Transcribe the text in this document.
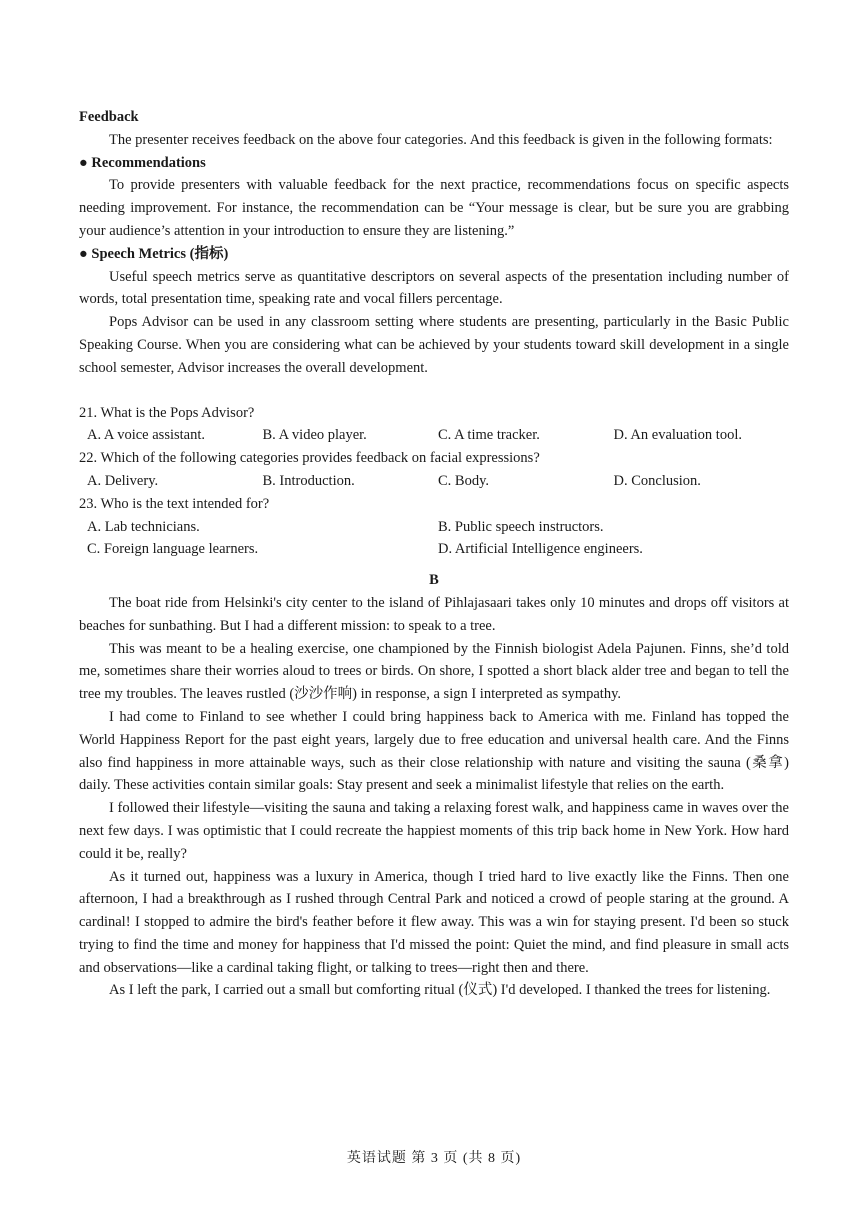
Feedback

The presenter receives feedback on the above four categories. And this feedback is given in the following formats:

● Recommendations

To provide presenters with valuable feedback for the next practice, recommendations focus on specific aspects needing improvement. For instance, the recommendation can be “Your message is clear, but be sure you are grabbing your audience’s attention in your introduction to ensure they are listening.”

● Speech Metrics (指标)

Useful speech metrics serve as quantitative descriptors on several aspects of the presentation including number of words, total presentation time, speaking rate and vocal fillers percentage.

Pops Advisor can be used in any classroom setting where students are presenting, particularly in the Basic Public Speaking Course. When you are considering what can be achieved by your students toward skill development in a single school semester, Advisor increases the overall development.

21. What is the Pops Advisor?

A. A voice assistant.	B. A video player.	C. A time tracker.	D. An evaluation tool.

22. Which of the following categories provides feedback on facial expressions?

A. Delivery.	B. Introduction.	C. Body.	D. Conclusion.

23. Who is the text intended for?

A. Lab technicians.	B. Public speech instructors.
C. Foreign language learners.	D. Artificial Intelligence engineers.

B

The boat ride from Helsinki's city center to the island of Pihlajasaari takes only 10 minutes and drops off visitors at beaches for sunbathing. But I had a different mission: to speak to a tree.

This was meant to be a healing exercise, one championed by the Finnish biologist Adela Pajunen. Finns, she’d told me, sometimes share their worries aloud to trees or birds. On shore, I spotted a short black alder tree and began to tell the tree my troubles. The leaves rustled (沙沙作响) in response, a sign I interpreted as sympathy.

I had come to Finland to see whether I could bring happiness back to America with me. Finland has topped the World Happiness Report for the past eight years, largely due to free education and universal health care. And the Finns also find happiness in more attainable ways, such as their close relationship with nature and visiting the sauna (桑拿) daily. These activities contain similar goals: Stay present and seek a minimalist lifestyle that relies on the earth.

I followed their lifestyle—visiting the sauna and taking a relaxing forest walk, and happiness came in waves over the next few days. I was optimistic that I could recreate the happiest moments of this trip back home in New York. How hard could it be, really?

As it turned out, happiness was a luxury in America, though I tried hard to live exactly like the Finns. Then one afternoon, I had a breakthrough as I rushed through Central Park and noticed a crowd of people staring at the ground. A cardinal! I stopped to admire the bird's feather before it flew away. This was a win for staying present. I'd been so stuck trying to find the time and money for happiness that I'd missed the point: Quiet the mind, and find pleasure in small acts and observations—like a cardinal taking flight, or talking to trees—right then and there.

As I left the park, I carried out a small but comforting ritual (仪式) I'd developed. I thanked the trees for listening.

英语试题 第 3 页 (共 8 页)
